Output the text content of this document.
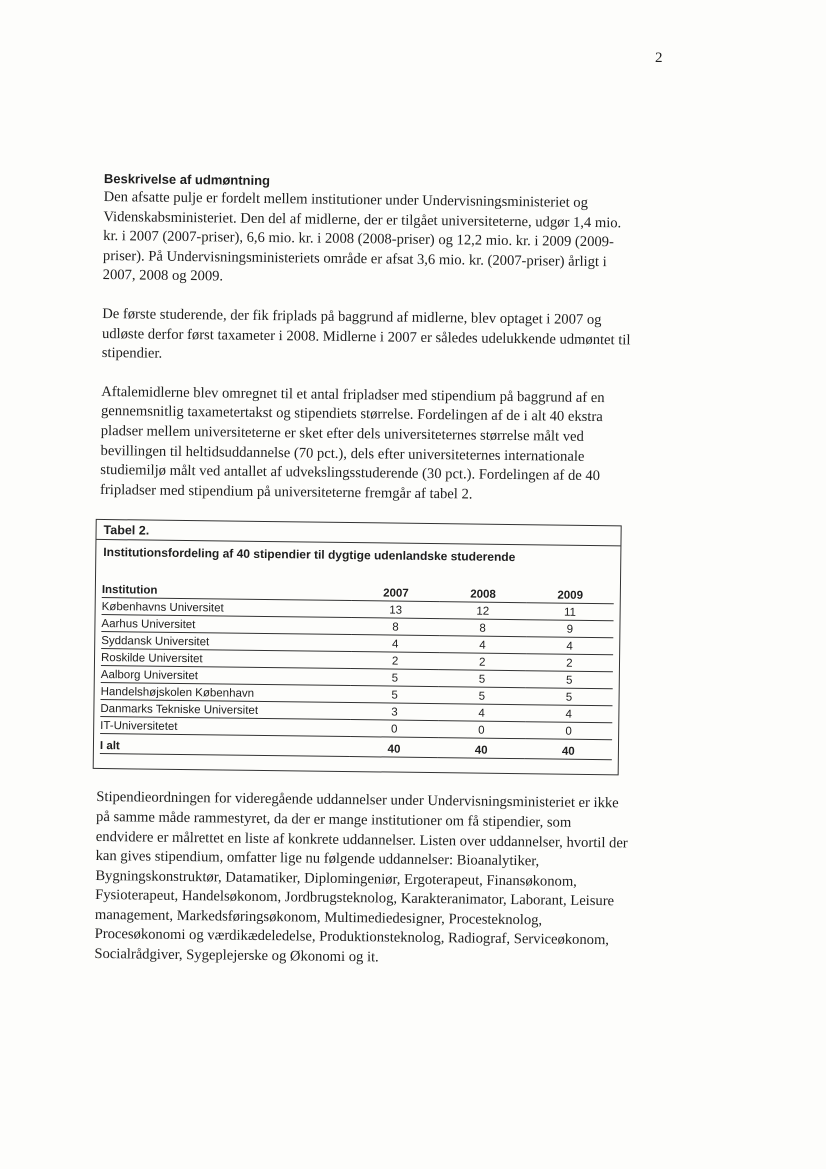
2
Beskrivelse af udmøntning

Den afsatte pulje er fordelt mellem institutioner under Undervisningsministeriet og Videnskabsministeriet. Den del af midlerne, der er tilgået universiteterne, udgør 1,4 mio. kr. i 2007 (2007-priser), 6,6 mio. kr. i 2008 (2008-priser) og 12,2 mio. kr. i 2009 (2009-priser). På Undervisningsministeriets område er afsat 3,6 mio. kr. (2007-priser) årligt i 2007, 2008 og 2009.

De første studerende, der fik friplads på baggrund af midlerne, blev optaget i 2007 og udløste derfor først taxameter i 2008. Midlerne i 2007 er således udelukkende udmøntet til stipendier.

Aftalemidlerne blev omregnet til et antal fripladser med stipendium på baggrund af en gennemsnitlig taxametertakst og stipendiets størrelse. Fordelingen af de i alt 40 ekstra pladser mellem universiteterne er sket efter dels universiteternes størrelse målt ved bevillingen til heltidsuddannelse (70 pct.), dels efter universiteternes internationale studiemiljø målt ved antallet af udvekslingsstuderende (30 pct.). Fordelingen af de 40 fripladser med stipendium på universiteterne fremgår af tabel 2.

Tabel 2.
Institutionsfordeling af 40 stipendier til dygtige udenlandske studerende
Institution	2007	2008	2009
Københavns Universitet	13	12	11
Aarhus Universitet	8	8	9
Syddansk Universitet	4	4	4
Roskilde Universitet	2	2	2
Aalborg Universitet	5	5	5
Handelshøjskolen København	5	5	5
Danmarks Tekniske Universitet	3	4	4
IT-Universitetet	0	0	0
I alt	40	40	40

Stipendieordningen for videregående uddannelser under Undervisningsministeriet er ikke på samme måde rammestyret, da der er mange institutioner om få stipendier, som endvidere er målrettet en liste af konkrete uddannelser. Listen over uddannelser, hvortil der kan gives stipendium, omfatter lige nu følgende uddannelser: Bioanalytiker, Bygningskonstruktør, Datamatiker, Diplomingeniør, Ergoterapeut, Finansøkonom, Fysioterapeut, Handelsøkonom, Jordbrugsteknolog, Karakteranimator, Laborant, Leisure management, Markedsføringsøkonom, Multimediedesigner, Procesteknolog, Procesøkonomi og værdikædeledelse, Produktionsteknolog, Radiograf, Serviceøkonom, Socialrådgiver, Sygeplejerske og Økonomi og it.
